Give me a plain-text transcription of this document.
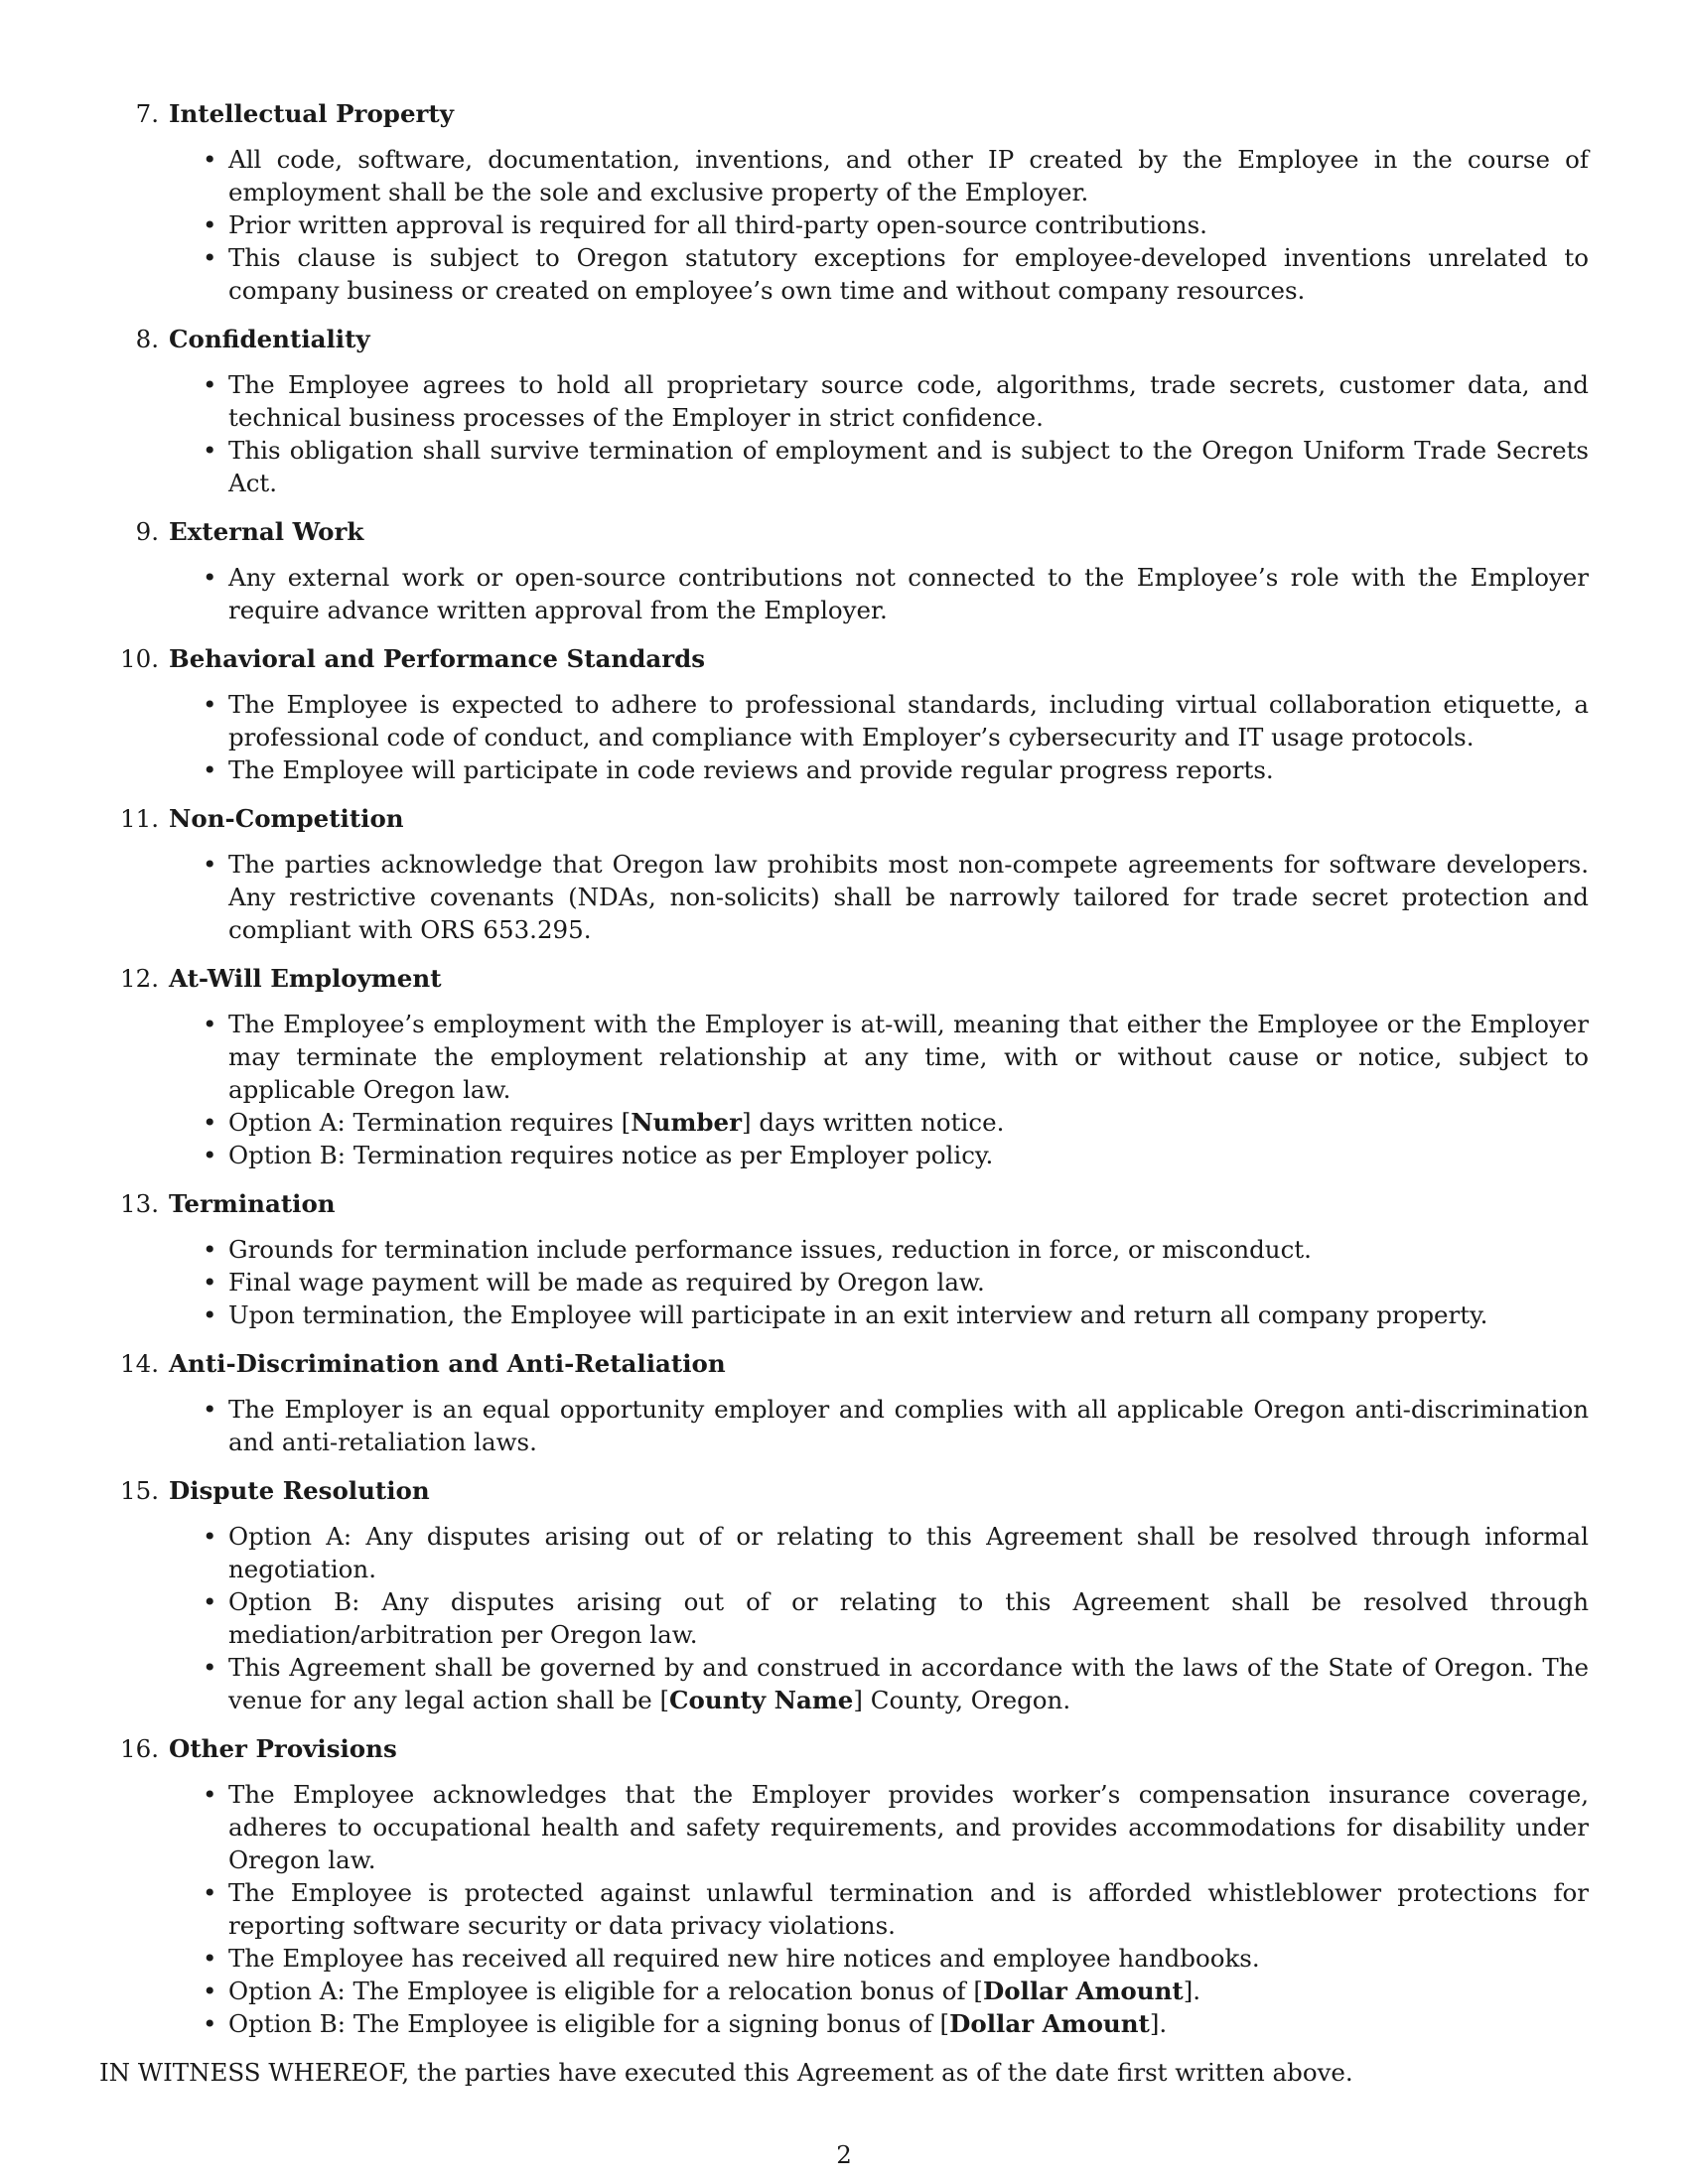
7. Intellectual Property
• All code, software, documentation, inventions, and other IP created by the Employee in the course of employment shall be the sole and exclusive property of the Employer.
• Prior written approval is required for all third-party open-source contributions.
• This clause is subject to Oregon statutory exceptions for employee-developed inventions unrelated to company business or created on employee’s own time and without company resources.
8. Confidentiality
• The Employee agrees to hold all proprietary source code, algorithms, trade secrets, customer data, and technical business processes of the Employer in strict confidence.
• This obligation shall survive termination of employment and is subject to the Oregon Uniform Trade Secrets Act.
9. External Work
• Any external work or open-source contributions not connected to the Employee’s role with the Employer require advance written approval from the Employer.
10. Behavioral and Performance Standards
• The Employee is expected to adhere to professional standards, including virtual collaboration etiquette, a professional code of conduct, and compliance with Employer’s cybersecurity and IT usage protocols.
• The Employee will participate in code reviews and provide regular progress reports.
11. Non-Competition
• The parties acknowledge that Oregon law prohibits most non-compete agreements for software developers. Any restrictive covenants (NDAs, non-solicits) shall be narrowly tailored for trade secret protection and compliant with ORS 653.295.
12. At-Will Employment
• The Employee’s employment with the Employer is at-will, meaning that either the Employee or the Employer may terminate the employment relationship at any time, with or without cause or notice, subject to applicable Oregon law.
• Option A: Termination requires [Number] days written notice.
• Option B: Termination requires notice as per Employer policy.
13. Termination
• Grounds for termination include performance issues, reduction in force, or misconduct.
• Final wage payment will be made as required by Oregon law.
• Upon termination, the Employee will participate in an exit interview and return all company property.
14. Anti-Discrimination and Anti-Retaliation
• The Employer is an equal opportunity employer and complies with all applicable Oregon anti-discrimination and anti-retaliation laws.
15. Dispute Resolution
• Option A: Any disputes arising out of or relating to this Agreement shall be resolved through informal negotiation.
• Option B: Any disputes arising out of or relating to this Agreement shall be resolved through mediation/arbitration per Oregon law.
• This Agreement shall be governed by and construed in accordance with the laws of the State of Oregon. The venue for any legal action shall be [County Name] County, Oregon.
16. Other Provisions
• The Employee acknowledges that the Employer provides worker’s compensation insurance coverage, adheres to occupational health and safety requirements, and provides accommodations for disability under Oregon law.
• The Employee is protected against unlawful termination and is afforded whistleblower protections for reporting software security or data privacy violations.
• The Employee has received all required new hire notices and employee handbooks.
• Option A: The Employee is eligible for a relocation bonus of [Dollar Amount].
• Option B: The Employee is eligible for a signing bonus of [Dollar Amount].
IN WITNESS WHEREOF, the parties have executed this Agreement as of the date first written above.
2
